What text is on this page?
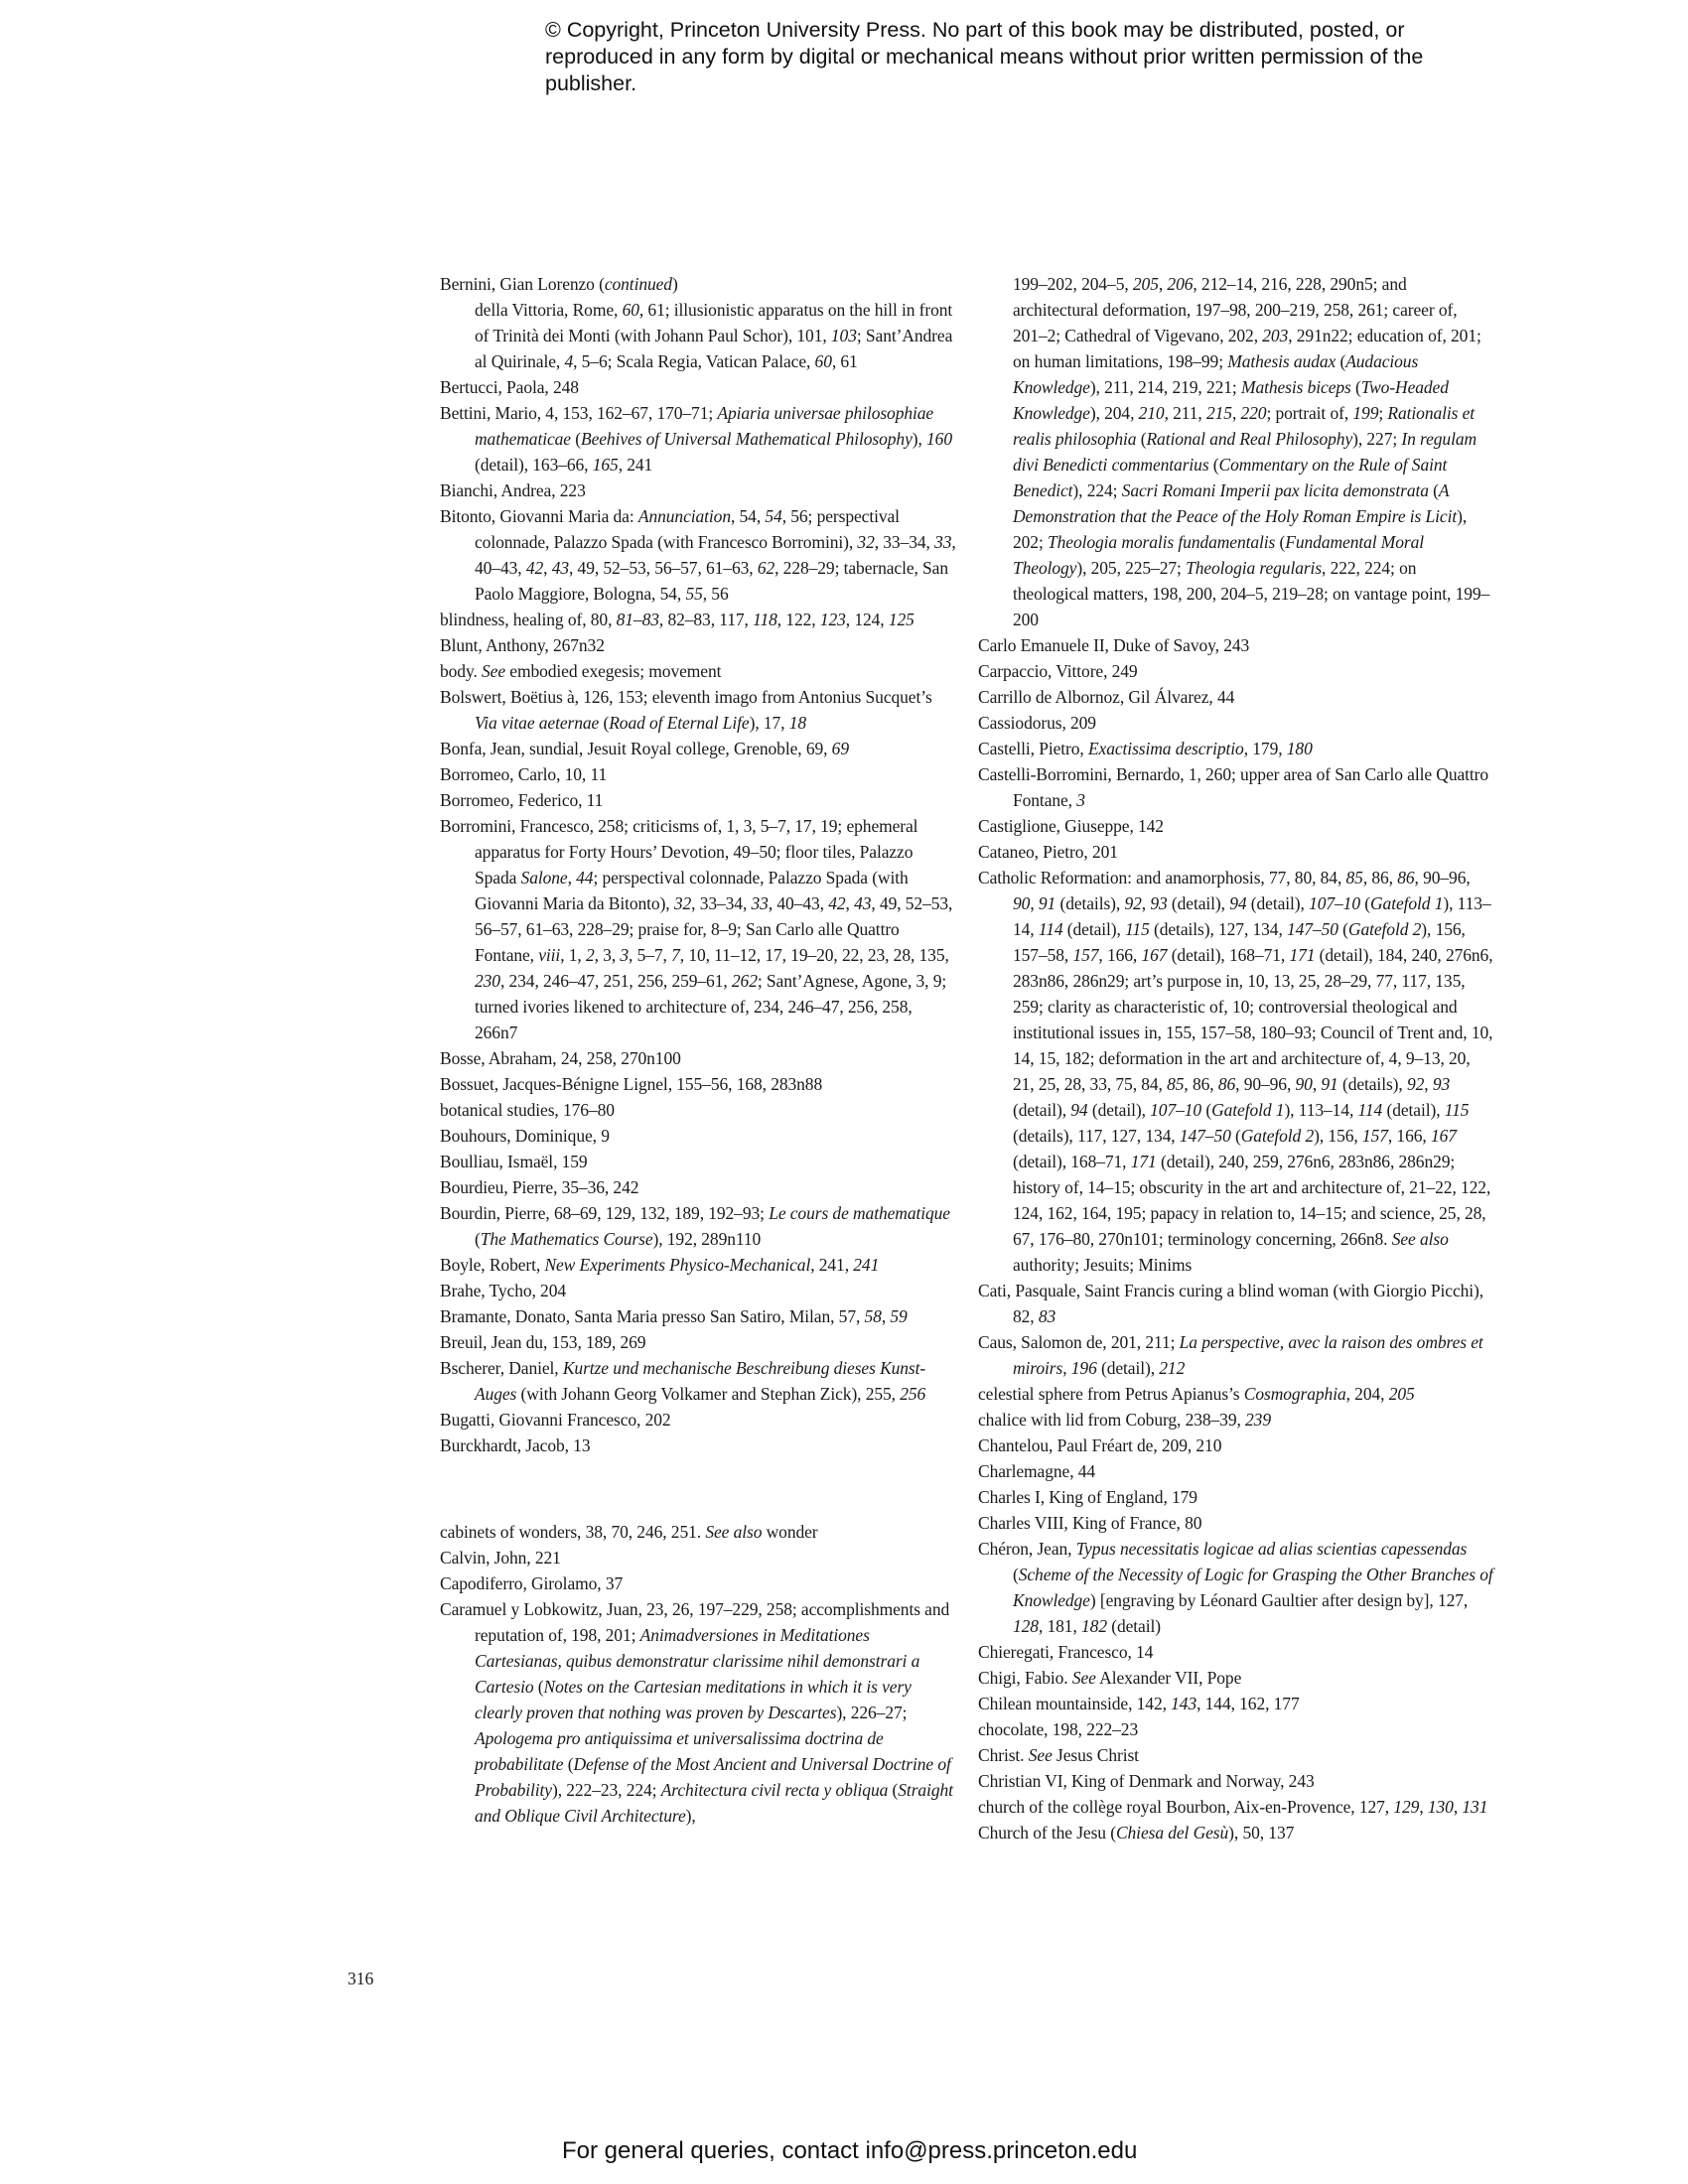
© Copyright, Princeton University Press. No part of this book may be distributed, posted, or reproduced in any form by digital or mechanical means without prior written permission of the publisher.

Bernini, Gian Lorenzo (continued)

della Vittoria, Rome, 60, 61; illusionistic apparatus on the hill in front of Trinità dei Monti (with Johann Paul Schor), 101, 103; Sant’Andrea al Quirinale, 4, 5–6; Scala Regia, Vatican Palace, 60, 61

Bertucci, Paola, 248

Bettini, Mario, 4, 153, 162–67, 170–71; Apiaria universae philosophiae mathematicae (Beehives of Universal Mathematical Philosophy), 160 (detail), 163–66, 165, 241

Bianchi, Andrea, 223

Bitonto, Giovanni Maria da: Annunciation, 54, 54, 56; perspectival colonnade, Palazzo Spada (with Francesco Borromini), 32, 33–34, 33, 40–43, 42, 43, 49, 52–53, 56–57, 61–63, 62, 228–29; tabernacle, San Paolo Maggiore, Bologna, 54, 55, 56

blindness, healing of, 80, 81–83, 82–83, 117, 118, 122, 123, 124, 125

Blunt, Anthony, 267n32

body. See embodied exegesis; movement

Bolswert, Boëtius à, 126, 153; eleventh imago from Antonius Sucquet’s Via vitae aeternae (Road of Eternal Life), 17, 18

Bonfa, Jean, sundial, Jesuit Royal college, Grenoble, 69, 69

Borromeo, Carlo, 10, 11

Borromeo, Federico, 11

Borromini, Francesco, 258; criticisms of, 1, 3, 5–7, 17, 19; ephemeral apparatus for Forty Hours’ Devotion, 49–50; floor tiles, Palazzo Spada Salone, 44; perspectival colonnade, Palazzo Spada (with Giovanni Maria da Bitonto), 32, 33–34, 33, 40–43, 42, 43, 49, 52–53, 56–57, 61–63, 228–29; praise for, 8–9; San Carlo alle Quattro Fontane, viii, 1, 2, 3, 3, 5–7, 7, 10, 11–12, 17, 19–20, 22, 23, 28, 135, 230, 234, 246–47, 251, 256, 259–61, 262; Sant’Agnese, Agone, 3, 9; turned ivories likened to architecture of, 234, 246–47, 256, 258, 266n7

Bosse, Abraham, 24, 258, 270n100

Bossuet, Jacques-Bénigne Lignel, 155–56, 168, 283n88

botanical studies, 176–80

Bouhours, Dominique, 9

Boulliau, Ismaël, 159

Bourdieu, Pierre, 35–36, 242

Bourdin, Pierre, 68–69, 129, 132, 189, 192–93; Le cours de mathematique (The Mathematics Course), 192, 289n110

Boyle, Robert, New Experiments Physico-Mechanical, 241, 241

Brahe, Tycho, 204

Bramante, Donato, Santa Maria presso San Satiro, Milan, 57, 58, 59

Breuil, Jean du, 153, 189, 269

Bscherer, Daniel, Kurtze und mechanische Beschreibung dieses Kunst-Auges (with Johann Georg Volkamer and Stephan Zick), 255, 256

Bugatti, Giovanni Francesco, 202

Burckhardt, Jacob, 13

cabinets of wonders, 38, 70, 246, 251. See also wonder

Calvin, John, 221

Capodiferro, Girolamo, 37

Caramuel y Lobkowitz, Juan, 23, 26, 197–229, 258; accomplishments and reputation of, 198, 201; Animadversiones in Meditationes Cartesianas, quibus demonstratur clarissime nihil demonstrari a Cartesio (Notes on the Cartesian meditations in which it is very clearly proven that nothing was proven by Descartes), 226–27; Apologema pro antiquissima et universalissima doctrina de probabilitate (Defense of the Most Ancient and Universal Doctrine of Probability), 222–23, 224; Architectura civil recta y obliqua (Straight and Oblique Civil Architecture),

199–202, 204–5, 205, 206, 212–14, 216, 228, 290n5; and architectural deformation, 197–98, 200–219, 258, 261; career of, 201–2; Cathedral of Vigevano, 202, 203, 291n22; education of, 201; on human limitations, 198–99; Mathesis audax (Audacious Knowledge), 211, 214, 219, 221; Mathesis biceps (Two-Headed Knowledge), 204, 210, 211, 215, 220; portrait of, 199; Rationalis et realis philosophia (Rational and Real Philosophy), 227; In regulam divi Benedicti commentarius (Commentary on the Rule of Saint Benedict), 224; Sacri Romani Imperii pax licita demonstrata (A Demonstration that the Peace of the Holy Roman Empire is Licit), 202; Theologia moralis fundamentalis (Fundamental Moral Theology), 205, 225–27; Theologia regularis, 222, 224; on theological matters, 198, 200, 204–5, 219–28; on vantage point, 199–200

Carlo Emanuele II, Duke of Savoy, 243

Carpaccio, Vittore, 249

Carrillo de Albornoz, Gil Álvarez, 44

Cassiodorus, 209

Castelli, Pietro, Exactissima descriptio, 179, 180

Castelli-Borromini, Bernardo, 1, 260; upper area of San Carlo alle Quattro Fontane, 3

Castiglione, Giuseppe, 142

Cataneo, Pietro, 201

Catholic Reformation: and anamorphosis, 77, 80, 84, 85, 86, 86, 90–96, 90, 91 (details), 92, 93 (detail), 94 (detail), 107–10 (Gatefold 1), 113–14, 114 (detail), 115 (details), 127, 134, 147–50 (Gatefold 2), 156, 157–58, 157, 166, 167 (detail), 168–71, 171 (detail), 184, 240, 276n6, 283n86, 286n29; art’s purpose in, 10, 13, 25, 28–29, 77, 117, 135, 259; clarity as characteristic of, 10; controversial theological and institutional issues in, 155, 157–58, 180–93; Council of Trent and, 10, 14, 15, 182; deformation in the art and architecture of, 4, 9–13, 20, 21, 25, 28, 33, 75, 84, 85, 86, 86, 90–96, 90, 91 (details), 92, 93 (detail), 94 (detail), 107–10 (Gatefold 1), 113–14, 114 (detail), 115 (details), 117, 127, 134, 147–50 (Gatefold 2), 156, 157, 166, 167 (detail), 168–71, 171 (detail), 240, 259, 276n6, 283n86, 286n29; history of, 14–15; obscurity in the art and architecture of, 21–22, 122, 124, 162, 164, 195; papacy in relation to, 14–15; and science, 25, 28, 67, 176–80, 270n101; terminology concerning, 266n8. See also authority; Jesuits; Minims

Cati, Pasquale, Saint Francis curing a blind woman (with Giorgio Picchi), 82, 83

Caus, Salomon de, 201, 211; La perspective, avec la raison des ombres et miroirs, 196 (detail), 212

celestial sphere from Petrus Apianus’s Cosmographia, 204, 205

chalice with lid from Coburg, 238–39, 239

Chantelou, Paul Fréart de, 209, 210

Charlemagne, 44

Charles I, King of England, 179

Charles VIII, King of France, 80

Chéron, Jean, Typus necessitatis logicae ad alias scientias capessendas (Scheme of the Necessity of Logic for Grasping the Other Branches of Knowledge) [engraving by Léonard Gaultier after design by], 127, 128, 181, 182 (detail)

Chieregati, Francesco, 14

Chigi, Fabio. See Alexander VII, Pope

Chilean mountainside, 142, 143, 144, 162, 177

chocolate, 198, 222–23

Christ. See Jesus Christ

Christian VI, King of Denmark and Norway, 243

church of the collège royal Bourbon, Aix-en-Provence, 127, 129, 130, 131

Church of the Jesu (Chiesa del Gesù), 50, 137

316
For general queries, contact info@press.princeton.edu
